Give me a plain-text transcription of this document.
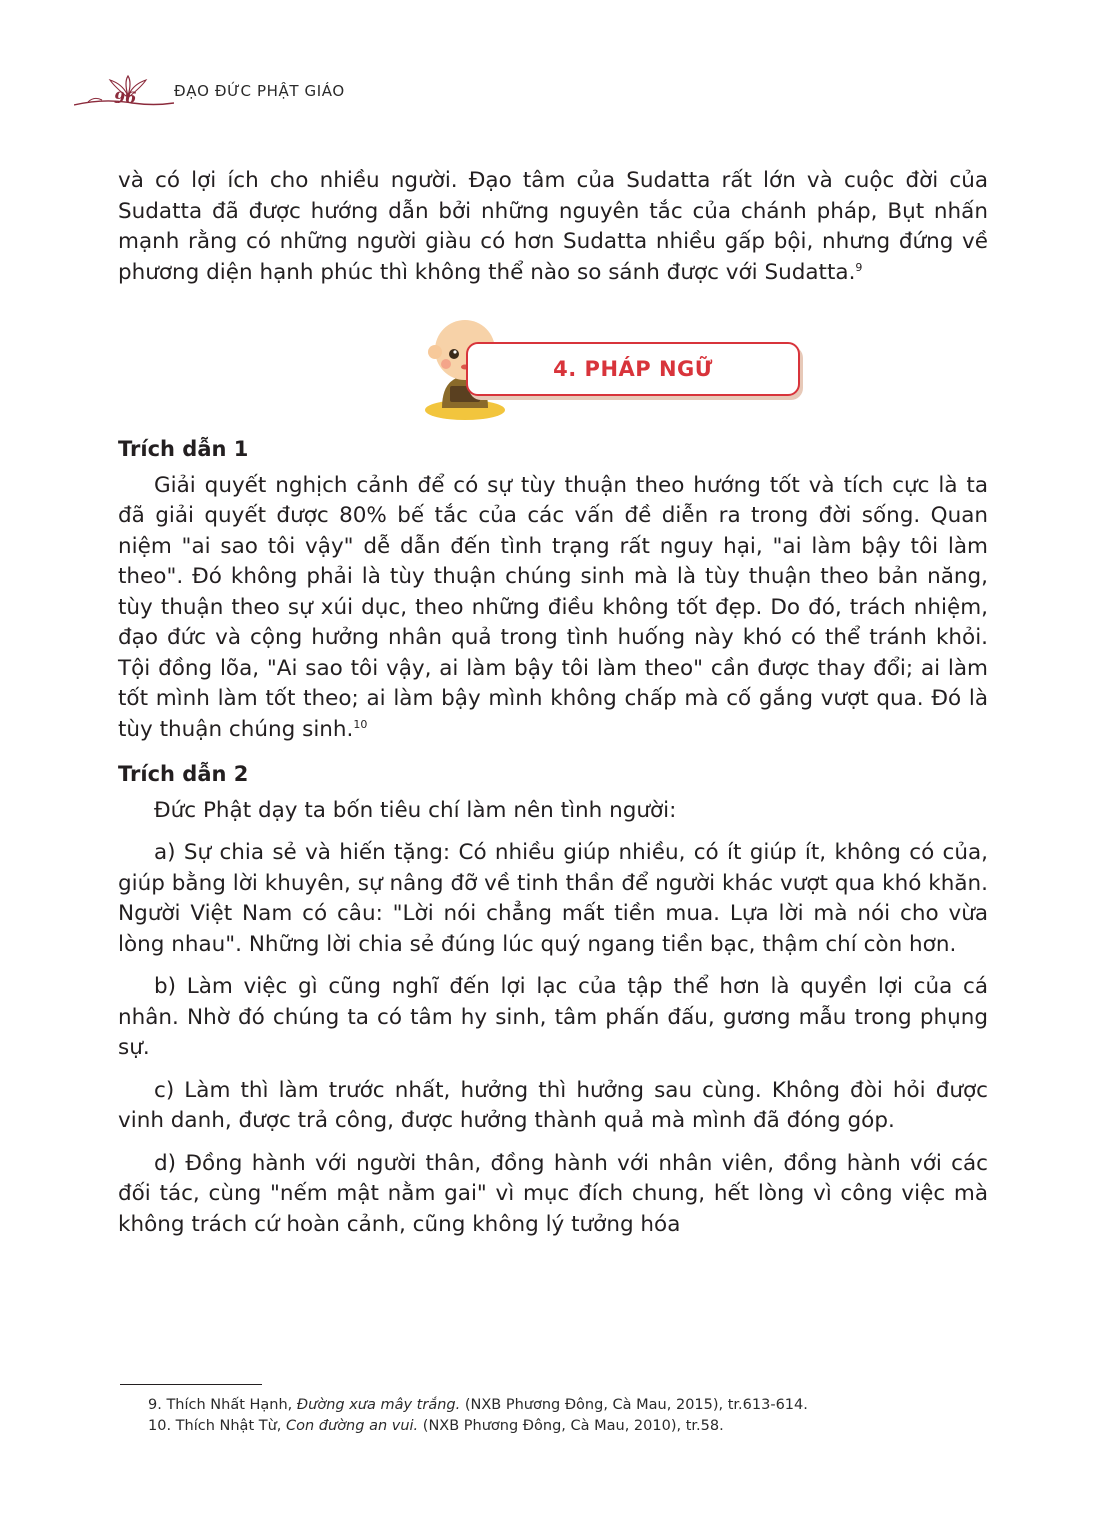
96	ĐẠO ĐỨC PHẬT GIÁO

và có lợi ích cho nhiều người. Đạo tâm của Sudatta rất lớn và cuộc đời của Sudatta đã được hướng dẫn bởi những nguyên tắc của chánh pháp, Bụt nhấn mạnh rằng có những người giàu có hơn Sudatta nhiều gấp bội, nhưng đứng về phương diện hạnh phúc thì không thể nào so sánh được với Sudatta.$^9$

4. PHÁP NGỮ

Trích dẫn 1

Giải quyết nghịch cảnh để có sự tùy thuận theo hướng tốt và tích cực là ta đã giải quyết được 80% bế tắc của các vấn đề diễn ra trong đời sống. Quan niệm "ai sao tôi vậy" dễ dẫn đến tình trạng rất nguy hại, "ai làm bậy tôi làm theo". Đó không phải là tùy thuận chúng sinh mà là tùy thuận theo bản năng, tùy thuận theo sự xúi dục, theo những điều không tốt đẹp. Do đó, trách nhiệm, đạo đức và cộng hưởng nhân quả trong tình huống này khó có thể tránh khỏi. Tội đồng lõa, "Ai sao tôi vậy, ai làm bậy tôi làm theo" cần được thay đổi; ai làm tốt mình làm tốt theo; ai làm bậy mình không chấp mà cố gắng vượt qua. Đó là tùy thuận chúng sinh.$^{10}$

Trích dẫn 2

Đức Phật dạy ta bốn tiêu chí làm nên tình người:

a) Sự chia sẻ và hiến tặng: Có nhiều giúp nhiều, có ít giúp ít, không có của, giúp bằng lời khuyên, sự nâng đỡ về tinh thần để người khác vượt qua khó khăn. Người Việt Nam có câu: "Lời nói chẳng mất tiền mua. Lựa lời mà nói cho vừa lòng nhau". Những lời chia sẻ đúng lúc quý ngang tiền bạc, thậm chí còn hơn.

b) Làm việc gì cũng nghĩ đến lợi lạc của tập thể hơn là quyền lợi của cá nhân. Nhờ đó chúng ta có tâm hy sinh, tâm phấn đấu, gương mẫu trong phụng sự.

c) Làm thì làm trước nhất, hưởng thì hưởng sau cùng. Không đòi hỏi được vinh danh, được trả công, được hưởng thành quả mà mình đã đóng góp.

d) Đồng hành với người thân, đồng hành với nhân viên, đồng hành với các đối tác, cùng "nếm mật nằm gai" vì mục đích chung, hết lòng vì công việc mà không trách cứ hoàn cảnh, cũng không lý tưởng hóa

9. Thích Nhất Hạnh, Đường xưa mây trắng. (NXB Phương Đông, Cà Mau, 2015), tr.613-614.
10. Thích Nhật Từ, Con đường an vui. (NXB Phương Đông, Cà Mau, 2010), tr.58.
